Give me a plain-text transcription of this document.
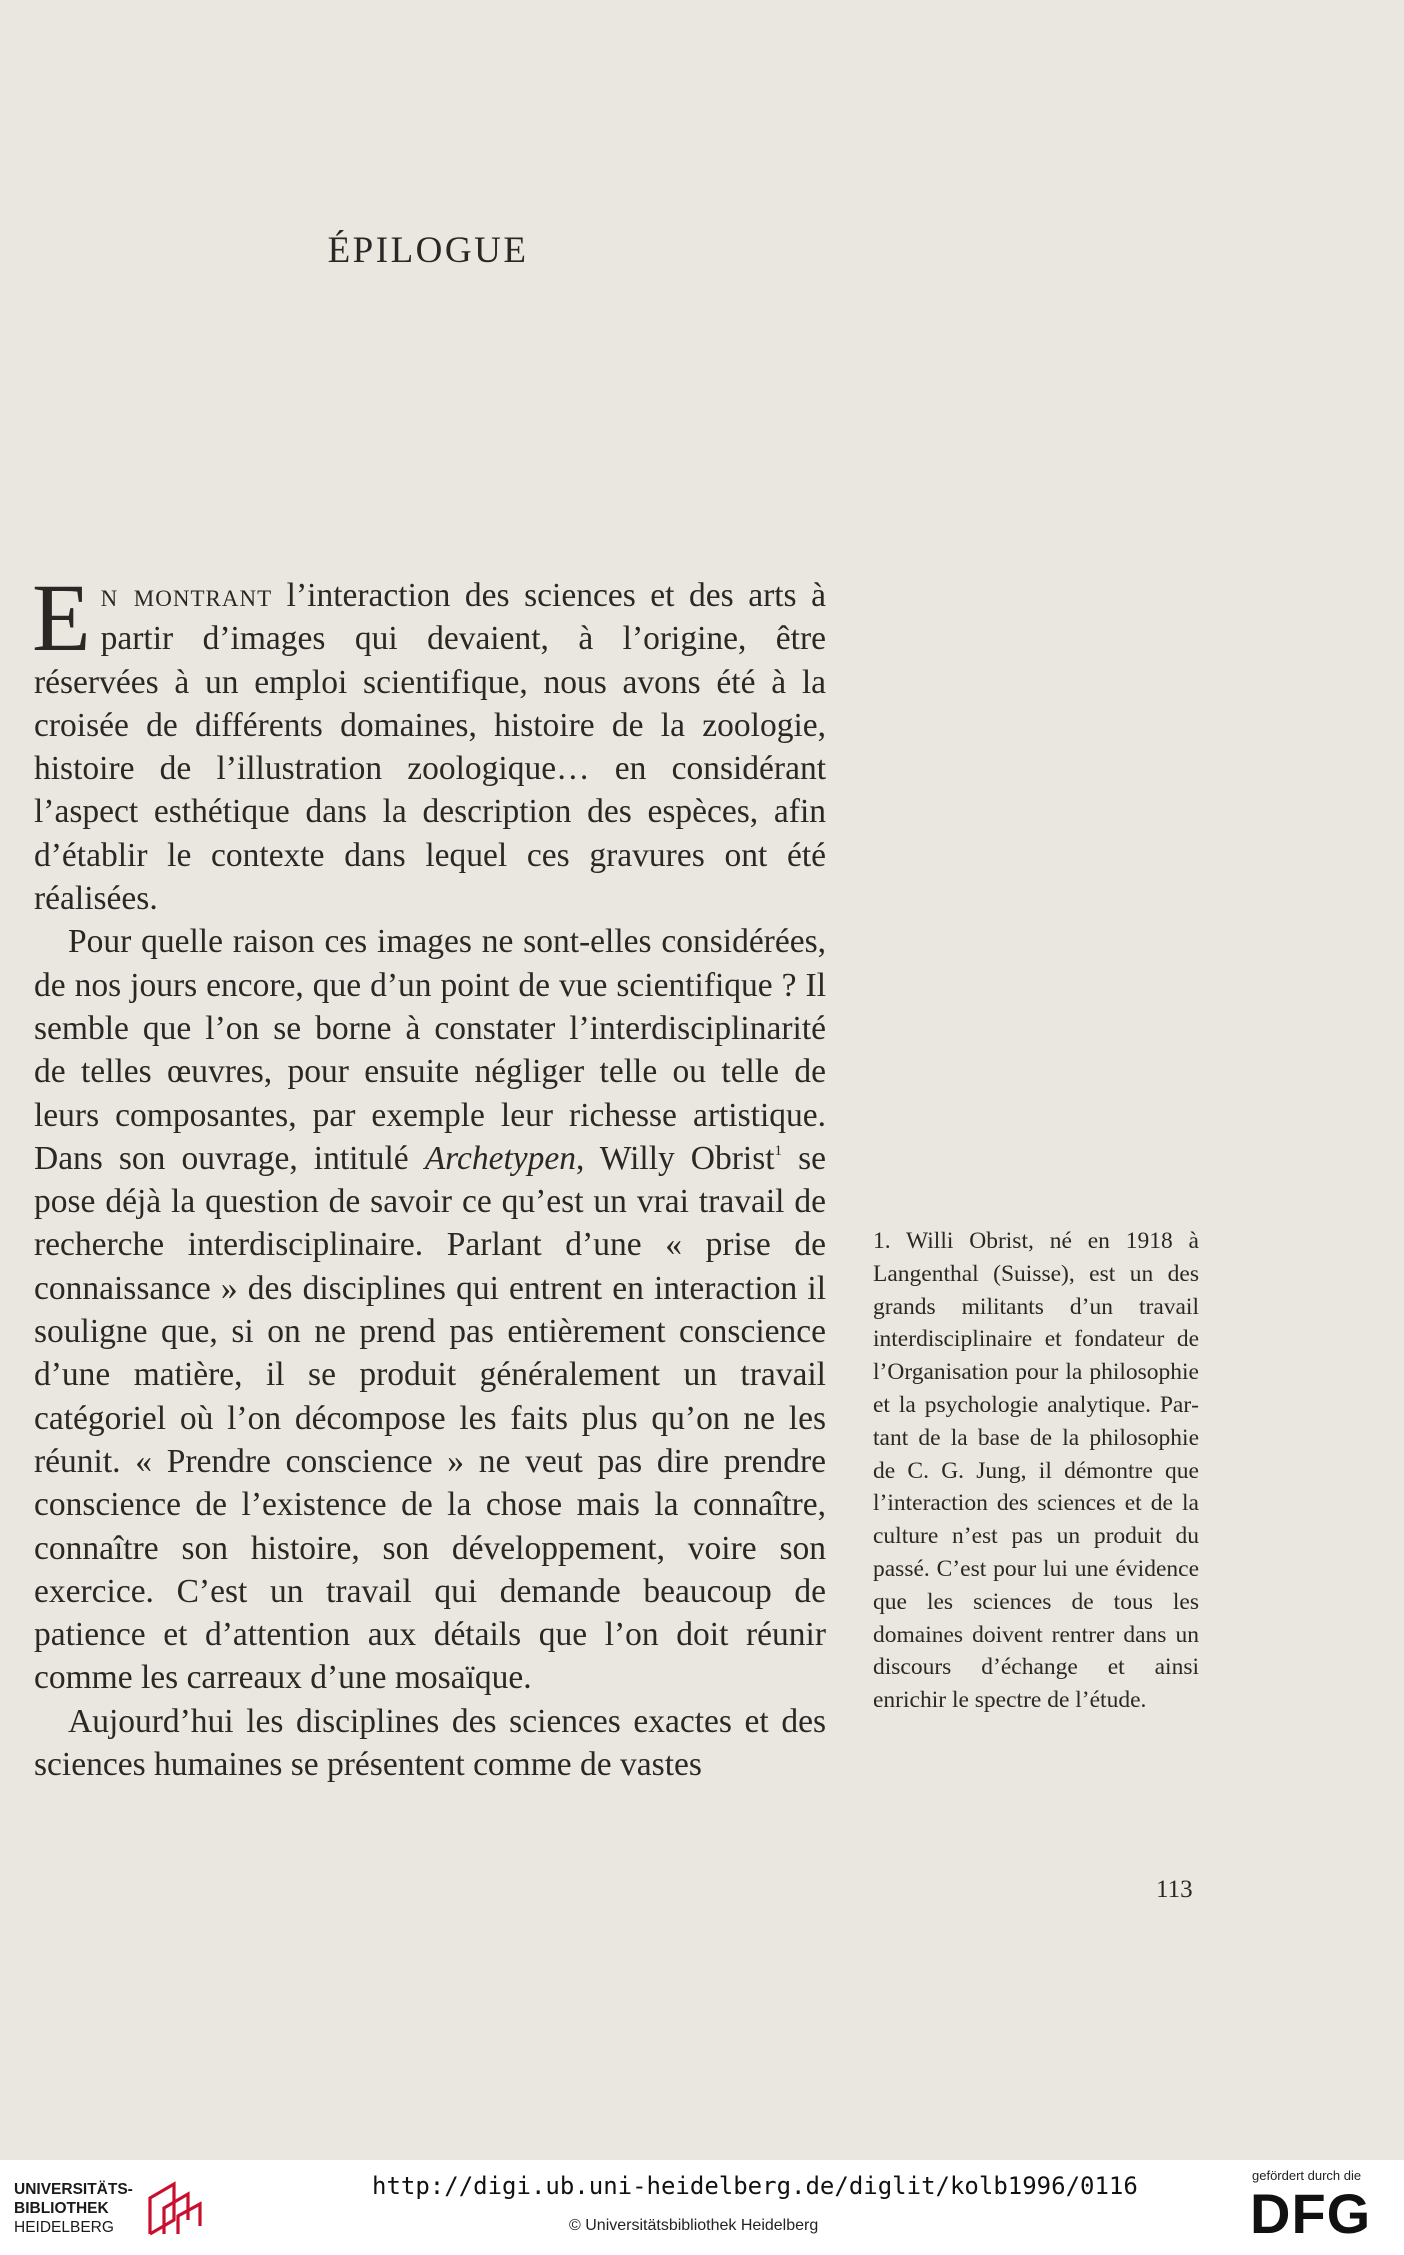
ÉPILOGUE

En montrant l’interaction des sciences et des arts à partir d’images qui devaient, à l’origine, être réservées à un emploi scientifique, nous avons été à la croisée de différents domaines, histoire de la zoologie, histoire de l’illustration zoologique… en considérant l’aspect esthétique dans la description des espèces, afin d’établir le contexte dans lequel ces gravures ont été réalisées.

Pour quelle raison ces images ne sont-elles considérées, de nos jours encore, que d’un point de vue scientifique ? Il semble que l’on se borne à constater l’interdisciplinarité de telles œuvres, pour ensuite négliger telle ou telle de leurs composantes, par exemple leur richesse artistique. Dans son ouvrage, intitulé Archetypen, Willy Obrist$^1$ se pose déjà la question de savoir ce qu’est un vrai travail de recherche interdisciplinaire. Parlant d’une « prise de connaissance » des disciplines qui entrent en interaction il souligne que, si on ne prend pas entièrement conscience d’une matière, il se produit généralement un travail catégoriel où l’on décompose les faits plus qu’on ne les réunit. « Prendre conscience » ne veut pas dire prendre conscience de l’existence de la chose mais la connaître, connaître son histoire, son développement, voire son exercice. C’est un travail qui demande beaucoup de patience et d’attention aux détails que l’on doit réunir comme les carreaux d’une mosaïque.

Aujourd’hui les disciplines des sciences exactes et des sciences humaines se présentent comme de vastes

1. Willi Obrist, né en 1918 à Langenthal (Suisse), est un des grands militants d’un travail interdisciplinaire et fondateur de l’Organisation pour la philosophie et la psychologie analytique. Partant de la base de la philosophie de C. G. Jung, il démontre que l’interaction des sciences et de la culture n’est pas un produit du passé. C’est pour lui une évidence que les sciences de tous les domaines doivent rentrer dans un discours d’échange et ainsi enrichir le spectre de l’étude.
113
UNIVERSITÄTS-
BIBLIOTHEK
HEIDELBERG
http://digi.ub.uni-heidelberg.de/diglit/kolb1996/0116
© Universitätsbibliothek Heidelberg
gefördert durch die
DFG
